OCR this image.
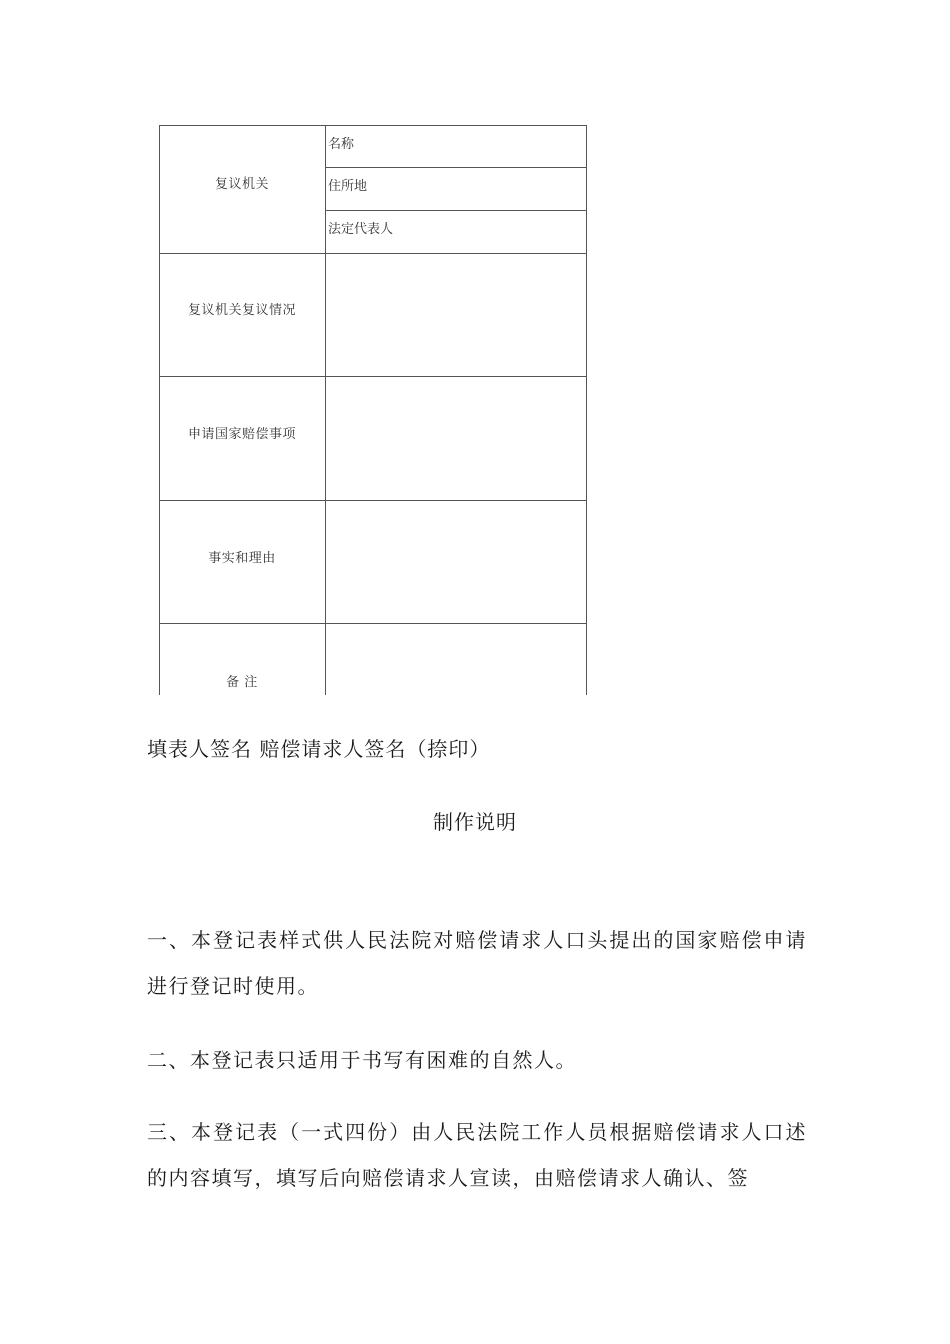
复议机关
复议机关复议情况
申请国家赔偿事项
事实和理由
备 注
名称
住所地
法定代表人
填表人签名 赔偿请求人签名（捺印）
制作说明
一、本登记表样式供人民法院对赔偿请求人口头提出的国家赔偿申请进行登记时使用。
二、本登记表只适用于书写有困难的自然人。
三、本登记表（一式四份）由人民法院工作人员根据赔偿请求人口述的内容填写，填写后向赔偿请求人宣读，由赔偿请求人确认、签
